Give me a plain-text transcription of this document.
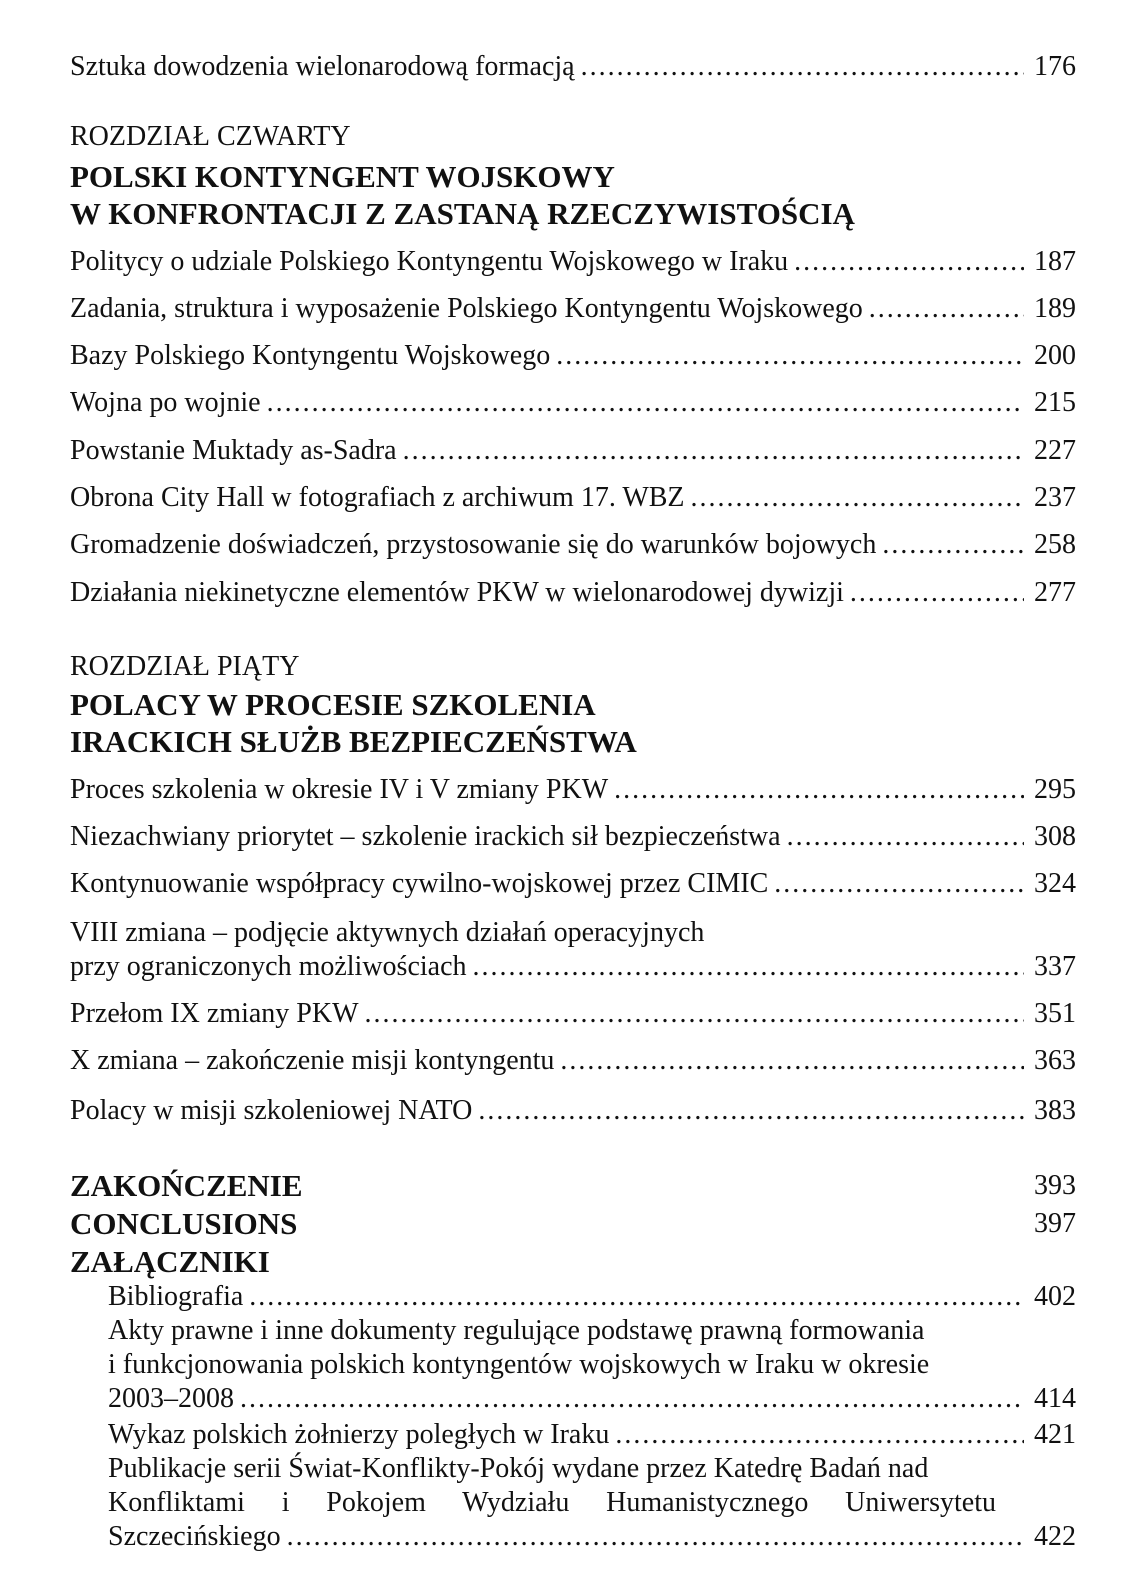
Sztuka dowodzenia wielonarodową formacją .....	176
ROZDZIAŁ CZWARTY
POLSKI KONTYNGENT WOJSKOWY
W KONFRONTACJI Z ZASTANĄ RZECZYWISTOŚCIĄ
Politycy o udziale Polskiego Kontyngentu Wojskowego w Iraku .....	187
Zadania, struktura i wyposażenie Polskiego Kontyngentu Wojskowego .....	189
Bazy Polskiego Kontyngentu Wojskowego .....	200
Wojna po wojnie .....	215
Powstanie Muktady as-Sadra .....	227
Obrona City Hall w fotografiach z archiwum 17. WBZ .....	237
Gromadzenie doświadczeń, przystosowanie się do warunków bojowych .....	258
Działania niekinetyczne elementów PKW w wielonarodowej dywizji .....	277
ROZDZIAŁ PIĄTY
POLACY W PROCESIE SZKOLENIA
IRACKICH SŁUŻB BEZPIECZEŃSTWA
Proces szkolenia w okresie IV i V zmiany PKW .....	295
Niezachwiany priorytet – szkolenie irackich sił bezpieczeństwa .....	308
Kontynuowanie współpracy cywilno-wojskowej przez CIMIC .....	324
VIII zmiana – podjęcie aktywnych działań operacyjnych
przy ograniczonych możliwościach .....	337
Przełom IX zmiany PKW .....	351
X zmiana – zakończenie misji kontyngentu .....	363
Polacy w misji szkoleniowej NATO .....	383
ZAKOŃCZENIE	393
CONCLUSIONS	397
ZAŁĄCZNIKI
Bibliografia .....	402
Akty prawne i inne dokumenty regulujące podstawę prawną formowania
i funkcjonowania polskich kontyngentów wojskowych w Iraku w okresie
2003–2008 .....	414
Wykaz polskich żołnierzy poległych w Iraku .....	421
Publikacje serii Świat-Konflikty-Pokój wydane przez Katedrę Badań nad
Konfliktami i Pokojem Wydziału Humanistycznego Uniwersytetu
Szczecińskiego .....	422
